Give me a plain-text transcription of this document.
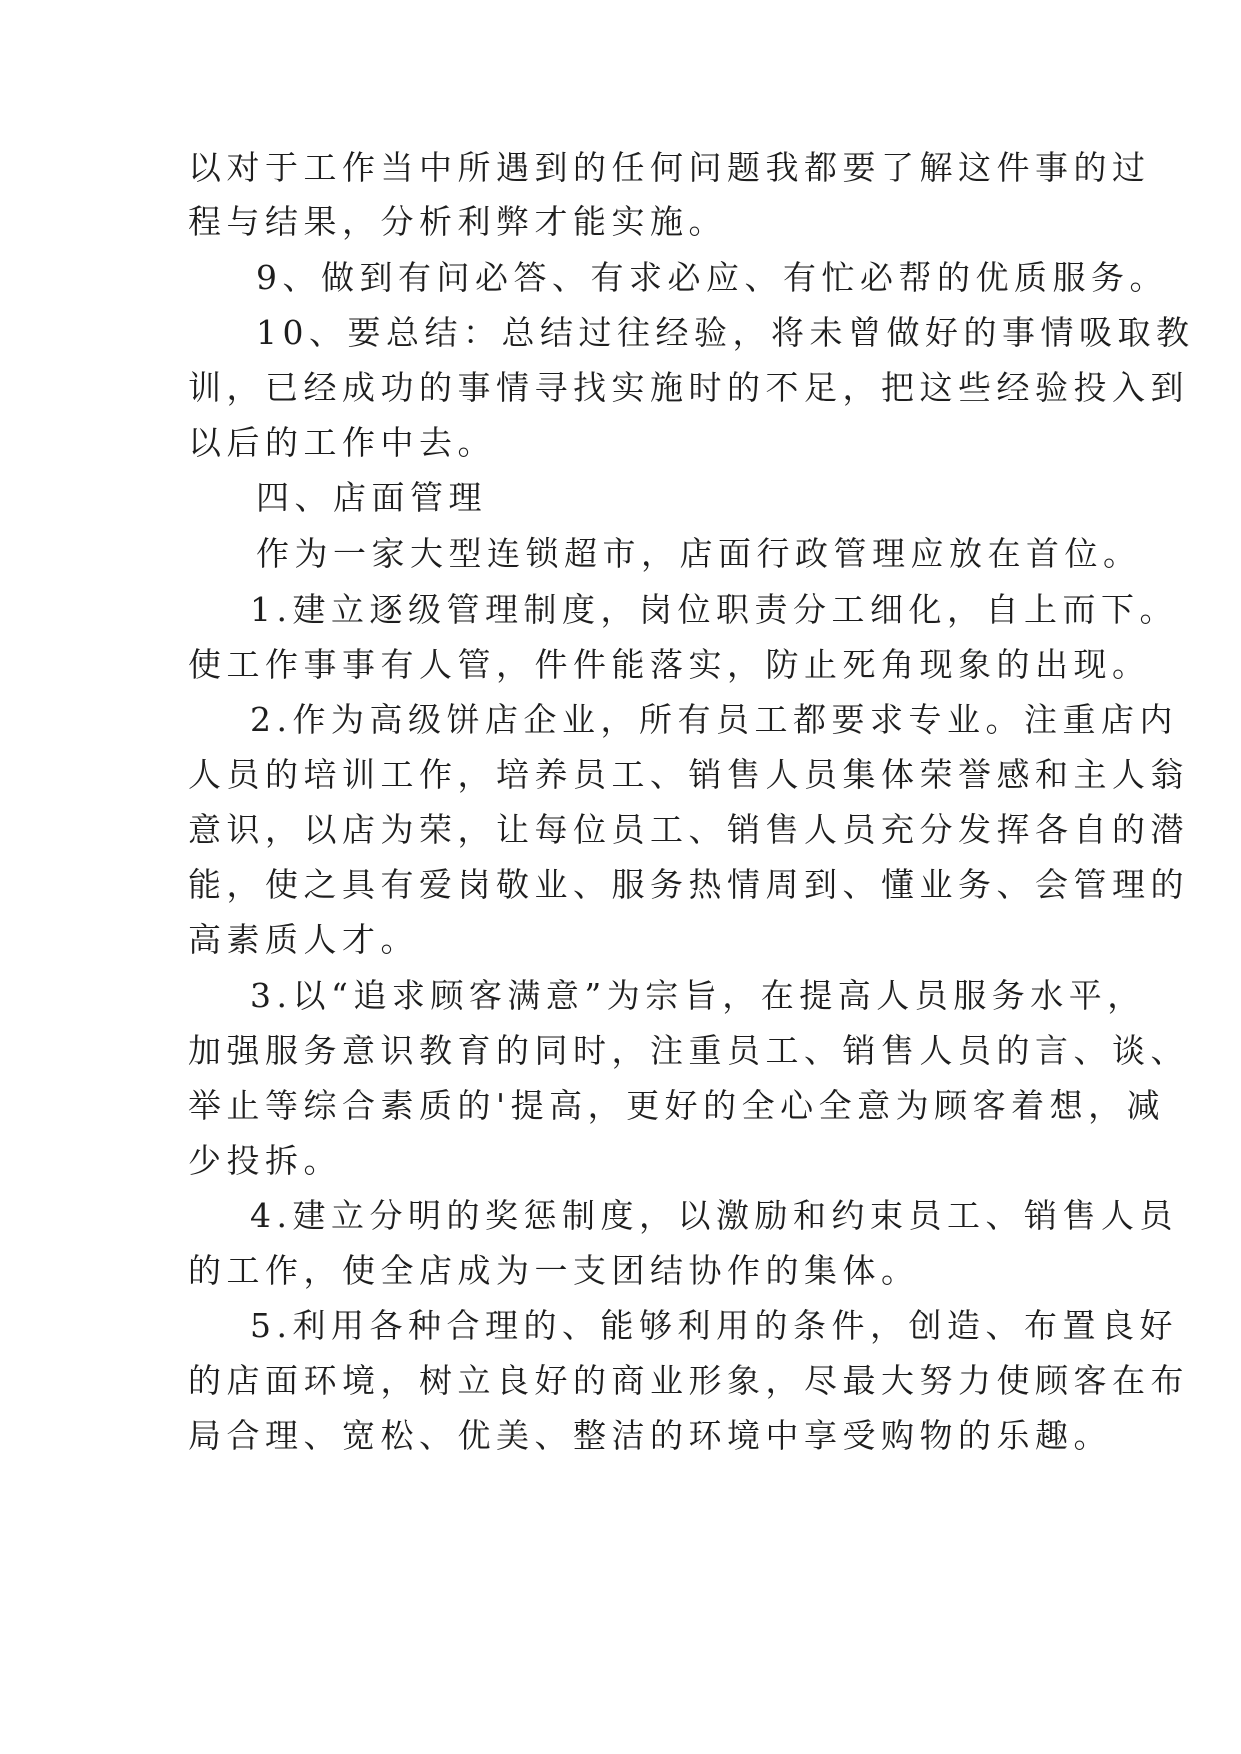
以对于工作当中所遇到的任何问题我都要了解这件事的过
程与结果，分析利弊才能实施。
9、做到有问必答、有求必应、有忙必帮的优质服务。
10、要总结：总结过往经验，将未曾做好的事情吸取教
训，已经成功的事情寻找实施时的不足，把这些经验投入到
以后的工作中去。
四、店面管理
作为一家大型连锁超市，店面行政管理应放在首位。
1.建立逐级管理制度，岗位职责分工细化，自上而下。
使工作事事有人管，件件能落实，防止死角现象的出现。
2.作为高级饼店企业，所有员工都要求专业。注重店内
人员的培训工作，培养员工、销售人员集体荣誉感和主人翁
意识，以店为荣，让每位员工、销售人员充分发挥各自的潜
能，使之具有爱岗敬业、服务热情周到、懂业务、会管理的
高素质人才。
3.以“追求顾客满意”为宗旨，在提高人员服务水平，
加强服务意识教育的同时，注重员工、销售人员的言、谈、
举止等综合素质的'提高，更好的全心全意为顾客着想，减
少投拆。
4.建立分明的奖惩制度，以激励和约束员工、销售人员
的工作，使全店成为一支团结协作的集体。
5.利用各种合理的、能够利用的条件，创造、布置良好
的店面环境，树立良好的商业形象，尽最大努力使顾客在布
局合理、宽松、优美、整洁的环境中享受购物的乐趣。
